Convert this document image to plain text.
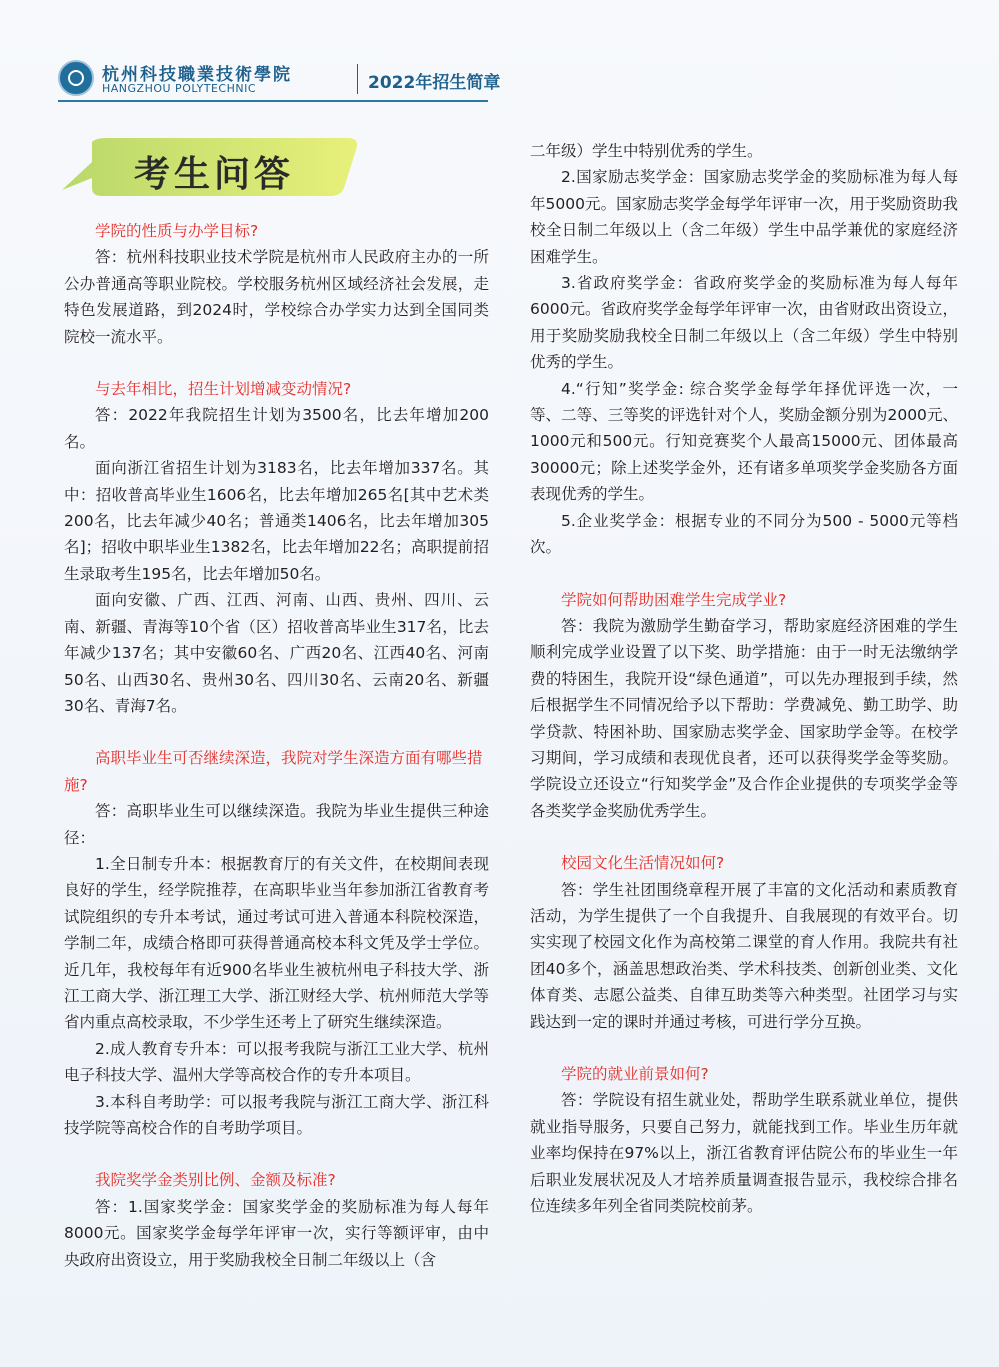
杭州科技職業技術學院
HANGZHOU POLYTECHNIC	2022年招生简章
考生问答

学院的性质与办学目标?

答：杭州科技职业技术学院是杭州市人民政府主办的一所公办普通高等职业院校。学校服务杭州区域经济社会发展，走特色发展道路，到2024时，学校综合办学实力达到全国同类院校一流水平。

与去年相比，招生计划增减变动情况?

答：2022年我院招生计划为3500名，比去年增加200名。

面向浙江省招生计划为3183名，比去年增加337名。其中：招收普高毕业生1606名，比去年增加265名[其中艺术类200名，比去年减少40名；普通类1406名，比去年增加305名]；招收中职毕业生1382名，比去年增加22名；高职提前招生录取考生195名，比去年增加50名。

面向安徽、广西、江西、河南、山西、贵州、四川、云南、新疆、青海等10个省（区）招收普高毕业生317名，比去年减少137名；其中安徽60名、广西20名、江西40名、河南50名、山西30名、贵州30名、四川30名、云南20名、新疆30名、青海7名。

高职毕业生可否继续深造，我院对学生深造方面有哪些措施?

答：高职毕业生可以继续深造。我院为毕业生提供三种途径：

1.全日制专升本：根据教育厅的有关文件，在校期间表现良好的学生，经学院推荐，在高职毕业当年参加浙江省教育考试院组织的专升本考试，通过考试可进入普通本科院校深造，学制二年，成绩合格即可获得普通高校本科文凭及学士学位。近几年，我校每年有近900名毕业生被杭州电子科技大学、浙江工商大学、浙江理工大学、浙江财经大学、杭州师范大学等省内重点高校录取，不少学生还考上了研究生继续深造。

2.成人教育专升本：可以报考我院与浙江工业大学、杭州电子科技大学、温州大学等高校合作的专升本项目。

3.本科自考助学：可以报考我院与浙江工商大学、浙江科技学院等高校合作的自考助学项目。

我院奖学金类别比例、金额及标准?

答：1.国家奖学金：国家奖学金的奖励标准为每人每年8000元。国家奖学金每学年评审一次，实行等额评审，由中央政府出资设立，用于奖励我校全日制二年级以上（含

二年级）学生中特别优秀的学生。

2.国家励志奖学金：国家励志奖学金的奖励标准为每人每年5000元。国家励志奖学金每学年评审一次，用于奖励资助我校全日制二年级以上（含二年级）学生中品学兼优的家庭经济困难学生。

3.省政府奖学金：省政府奖学金的奖励标准为每人每年6000元。省政府奖学金每学年评审一次，由省财政出资设立，用于奖励奖励我校全日制二年级以上（含二年级）学生中特别优秀的学生。

4.“行知”奖学金: 综合奖学金每学年择优评选一次，一等、二等、三等奖的评选针对个人，奖励金额分别为2000元、1000元和500元。行知竞赛奖个人最高15000元、团体最高30000元；除上述奖学金外，还有诸多单项奖学金奖励各方面表现优秀的学生。

5.企业奖学金：根据专业的不同分为500 - 5000元等档次。

学院如何帮助困难学生完成学业?

答：我院为激励学生勤奋学习，帮助家庭经济困难的学生顺利完成学业设置了以下奖、助学措施：由于一时无法缴纳学费的特困生，我院开设“绿色通道”，可以先办理报到手续，然后根据学生不同情况给予以下帮助：学费减免、勤工助学、助学贷款、特困补助、国家励志奖学金、国家助学金等。在校学习期间，学习成绩和表现优良者，还可以获得奖学金等奖励。学院设立还设立“行知奖学金”及合作企业提供的专项奖学金等各类奖学金奖励优秀学生。

校园文化生活情况如何?

答：学生社团围绕章程开展了丰富的文化活动和素质教育活动，为学生提供了一个自我提升、自我展现的有效平台。切实实现了校园文化作为高校第二课堂的育人作用。我院共有社团40多个，涵盖思想政治类、学术科技类、创新创业类、文化体育类、志愿公益类、自律互助类等六种类型。社团学习与实践达到一定的课时并通过考核，可进行学分互换。

学院的就业前景如何?

答：学院设有招生就业处，帮助学生联系就业单位，提供就业指导服务，只要自己努力，就能找到工作。毕业生历年就业率均保持在97%以上，浙江省教育评估院公布的毕业生一年后职业发展状况及人才培养质量调查报告显示，我校综合排名位连续多年列全省同类院校前茅。
